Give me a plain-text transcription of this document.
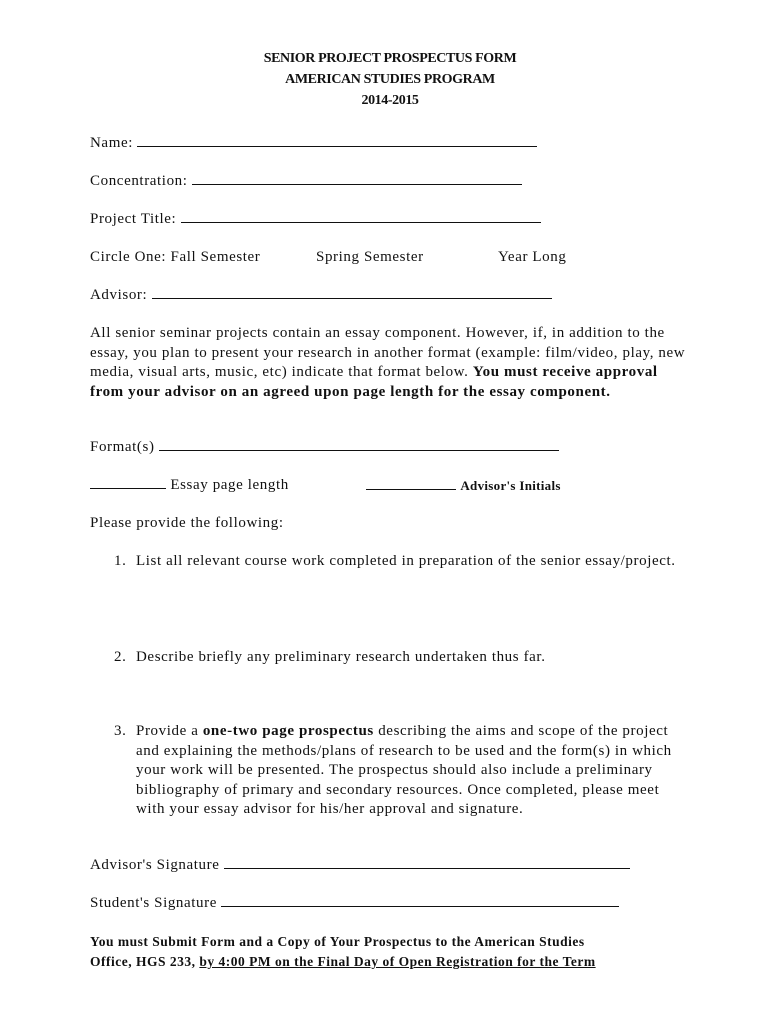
SENIOR PROJECT PROSPECTUS FORM
AMERICAN STUDIES PROGRAM
2014-2015
Name:
Concentration:
Project Title:
Circle One: Fall Semester	Spring Semester	Year Long
Advisor:
All senior seminar projects contain an essay component. However, if, in addition to the essay, you plan to present your research in another format (example: film/video, play, new media, visual arts, music, etc) indicate that format below. You must receive approval from your advisor on an agreed upon page length for the essay component.
Format(s)
Essay page length	Advisor's Initials
Please provide the following:
1. List all relevant course work completed in preparation of the senior essay/project.
2. Describe briefly any preliminary research undertaken thus far.
3. Provide a one-two page prospectus describing the aims and scope of the project and explaining the methods/plans of research to be used and the form(s) in which your work will be presented. The prospectus should also include a preliminary bibliography of primary and secondary resources. Once completed, please meet with your essay advisor for his/her approval and signature.
Advisor's Signature
Student's Signature
You must Submit Form and a Copy of Your Prospectus to the American Studies
Office, HGS 233, by 4:00 PM on the Final Day of Open Registration for the Term
